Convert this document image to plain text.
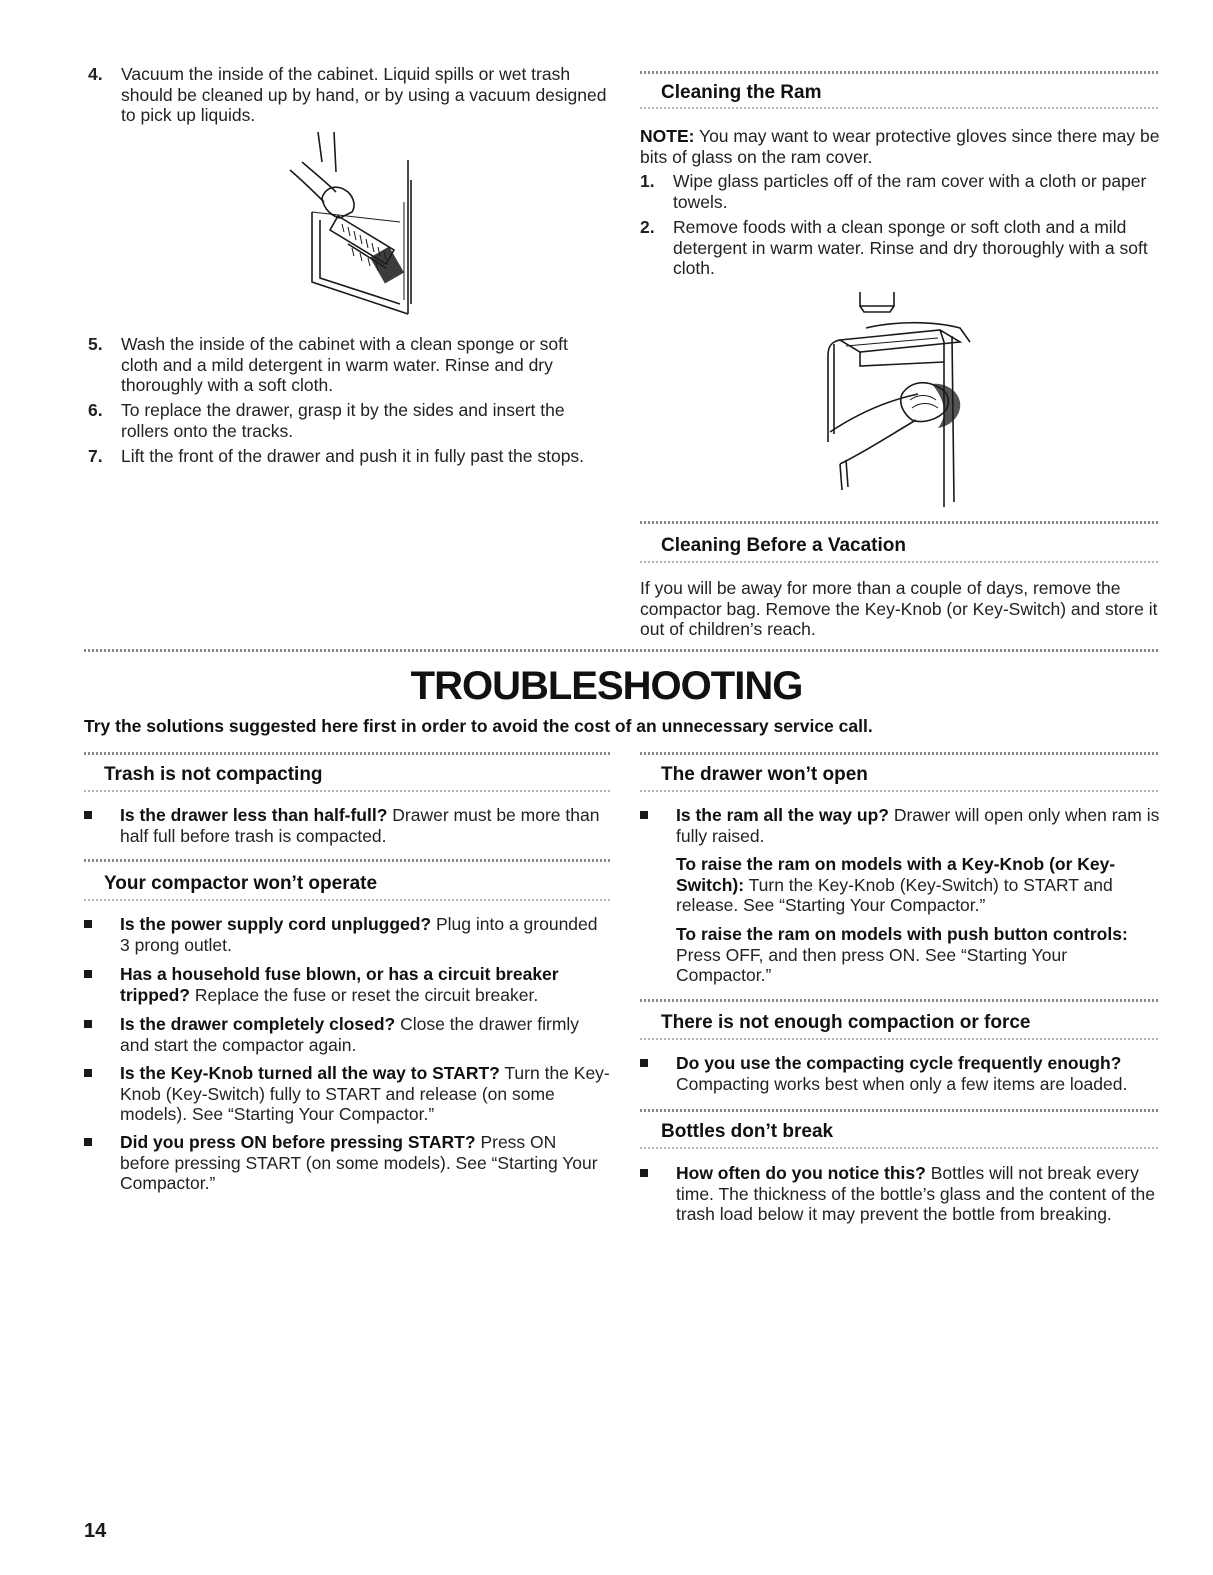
4. Vacuum the inside of the cabinet. Liquid spills or wet trash should be cleaned up by hand, or by using a vacuum designed to pick up liquids.
5. Wash the inside of the cabinet with a clean sponge or soft cloth and a mild detergent in warm water. Rinse and dry thoroughly with a soft cloth.
6. To replace the drawer, grasp it by the sides and insert the rollers onto the tracks.
7. Lift the front of the drawer and push it in fully past the stops.
Cleaning the Ram
NOTE: You may want to wear protective gloves since there may be bits of glass on the ram cover.
1. Wipe glass particles off of the ram cover with a cloth or paper towels.
2. Remove foods with a clean sponge or soft cloth and a mild detergent in warm water. Rinse and dry thoroughly with a soft cloth.
Cleaning Before a Vacation
If you will be away for more than a couple of days, remove the compactor bag. Remove the Key-Knob (or Key-Switch) and store it out of children’s reach.
TROUBLESHOOTING
Try the solutions suggested here first in order to avoid the cost of an unnecessary service call.
Trash is not compacting
Is the drawer less than half-full? Drawer must be more than half full before trash is compacted.
Your compactor won’t operate
Is the power supply cord unplugged? Plug into a grounded 3 prong outlet.
Has a household fuse blown, or has a circuit breaker tripped? Replace the fuse or reset the circuit breaker.
Is the drawer completely closed? Close the drawer firmly and start the compactor again.
Is the Key-Knob turned all the way to START? Turn the Key-Knob (Key-Switch) fully to START and release (on some models). See “Starting Your Compactor.”
Did you press ON before pressing START? Press ON before pressing START (on some models). See “Starting Your Compactor.”
The drawer won’t open
Is the ram all the way up? Drawer will open only when ram is fully raised.
To raise the ram on models with a Key-Knob (or Key-Switch): Turn the Key-Knob (Key-Switch) to START and release. See “Starting Your Compactor.”
To raise the ram on models with push button controls: Press OFF, and then press ON. See “Starting Your Compactor.”
There is not enough compaction or force
Do you use the compacting cycle frequently enough? Compacting works best when only a few items are loaded.
Bottles don’t break
How often do you notice this? Bottles will not break every time. The thickness of the bottle’s glass and the content of the trash load below it may prevent the bottle from breaking.
14
